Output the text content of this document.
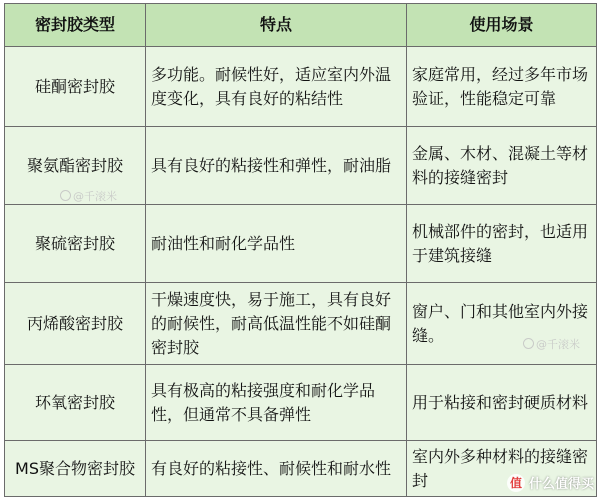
密封胶类型	特点	使用场景
硅酮密封胶	多功能。耐候性好，适应室内外温度变化，具有良好的粘结性	家庭常用，经过多年市场验证，性能稳定可靠
聚氨酯密封胶	具有良好的粘接性和弹性，耐油脂	金属、木材、混凝土等材料的接缝密封
聚硫密封胶	耐油性和耐化学品性	机械部件的密封，也适用于建筑接缝
丙烯酸密封胶	干燥速度快，易于施工，具有良好的耐候性，耐高低温性能不如硅酮密封胶	窗户、门和其他室内外接缝。
环氧密封胶	具有极高的粘接强度和耐化学品性，但通常不具备弹性	用于粘接和密封硬质材料
MS聚合物密封胶	有良好的粘接性、耐候性和耐水性	室内外多种材料的接缝密封
@千滚米
@千滚米
值 什么值得买
